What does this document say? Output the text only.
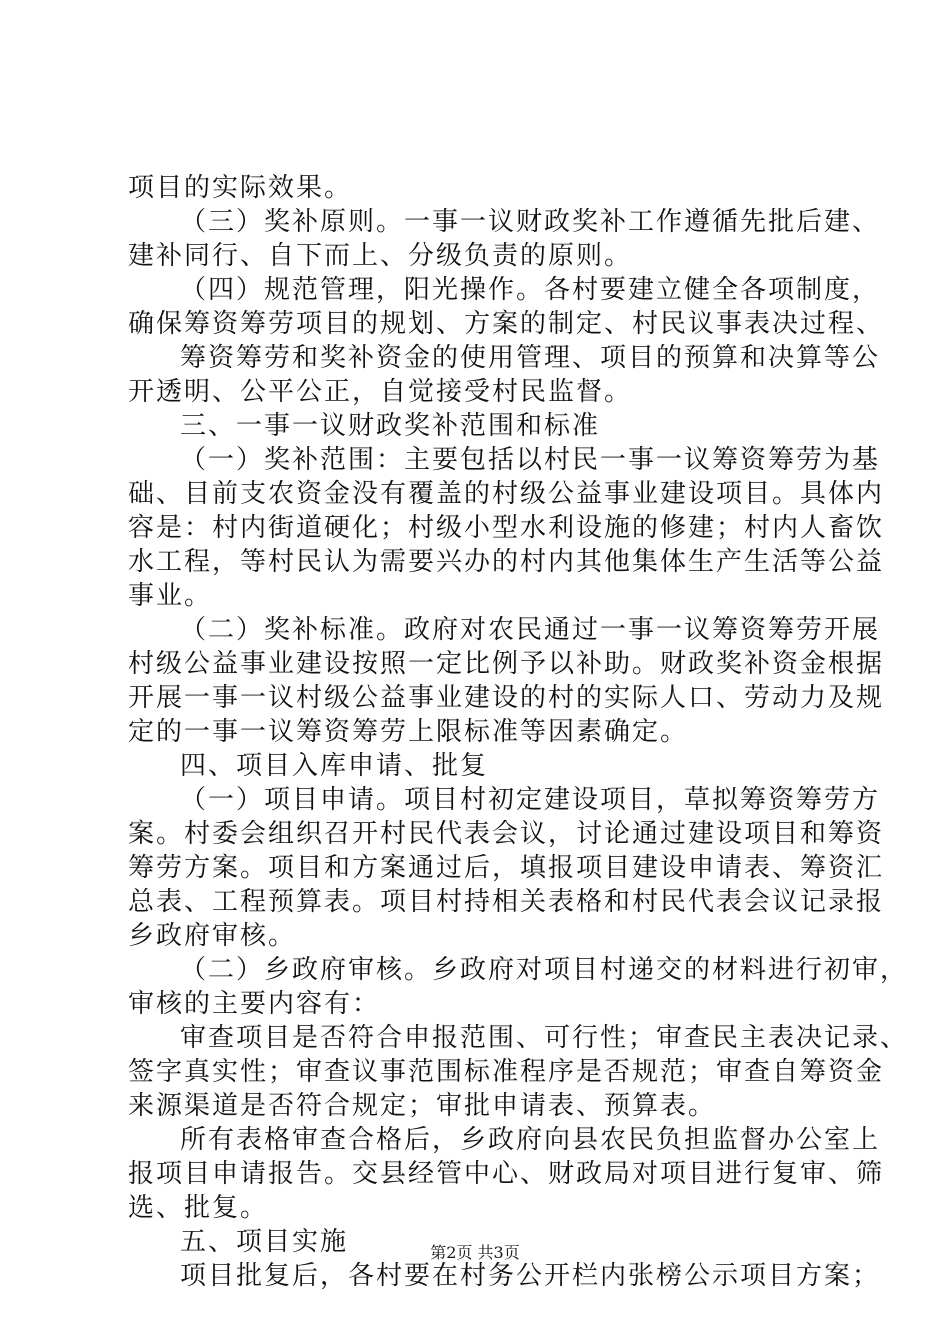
项目的实际效果。
（三）奖补原则。一事一议财政奖补工作遵循先批后建、
建补同行、自下而上、分级负责的原则。
（四）规范管理，阳光操作。各村要建立健全各项制度，
确保筹资筹劳项目的规划、方案的制定、村民议事表决过程、
筹资筹劳和奖补资金的使用管理、项目的预算和决算等公
开透明、公平公正，自觉接受村民监督。
三、一事一议财政奖补范围和标准
（一）奖补范围：主要包括以村民一事一议筹资筹劳为基
础、目前支农资金没有覆盖的村级公益事业建设项目。具体内
容是：村内街道硬化；村级小型水利设施的修建；村内人畜饮
水工程，等村民认为需要兴办的村内其他集体生产生活等公益
事业。
（二）奖补标准。政府对农民通过一事一议筹资筹劳开展
村级公益事业建设按照一定比例予以补助。财政奖补资金根据
开展一事一议村级公益事业建设的村的实际人口、劳动力及规
定的一事一议筹资筹劳上限标准等因素确定。
四、项目入库申请、批复
（一）项目申请。项目村初定建设项目，草拟筹资筹劳方
案。村委会组织召开村民代表会议，讨论通过建设项目和筹资
筹劳方案。项目和方案通过后，填报项目建设申请表、筹资汇
总表、工程预算表。项目村持相关表格和村民代表会议记录报
乡政府审核。
（二）乡政府审核。乡政府对项目村递交的材料进行初审，
审核的主要内容有：
审查项目是否符合申报范围、可行性；审查民主表决记录、
签字真实性；审查议事范围标准程序是否规范；审查自筹资金
来源渠道是否符合规定；审批申请表、预算表。
所有表格审查合格后，乡政府向县农民负担监督办公室上
报项目申请报告。交县经管中心、财政局对项目进行复审、筛
选、批复。
五、项目实施
项目批复后，各村要在村务公开栏内张榜公示项目方案；
第2页 共3页
